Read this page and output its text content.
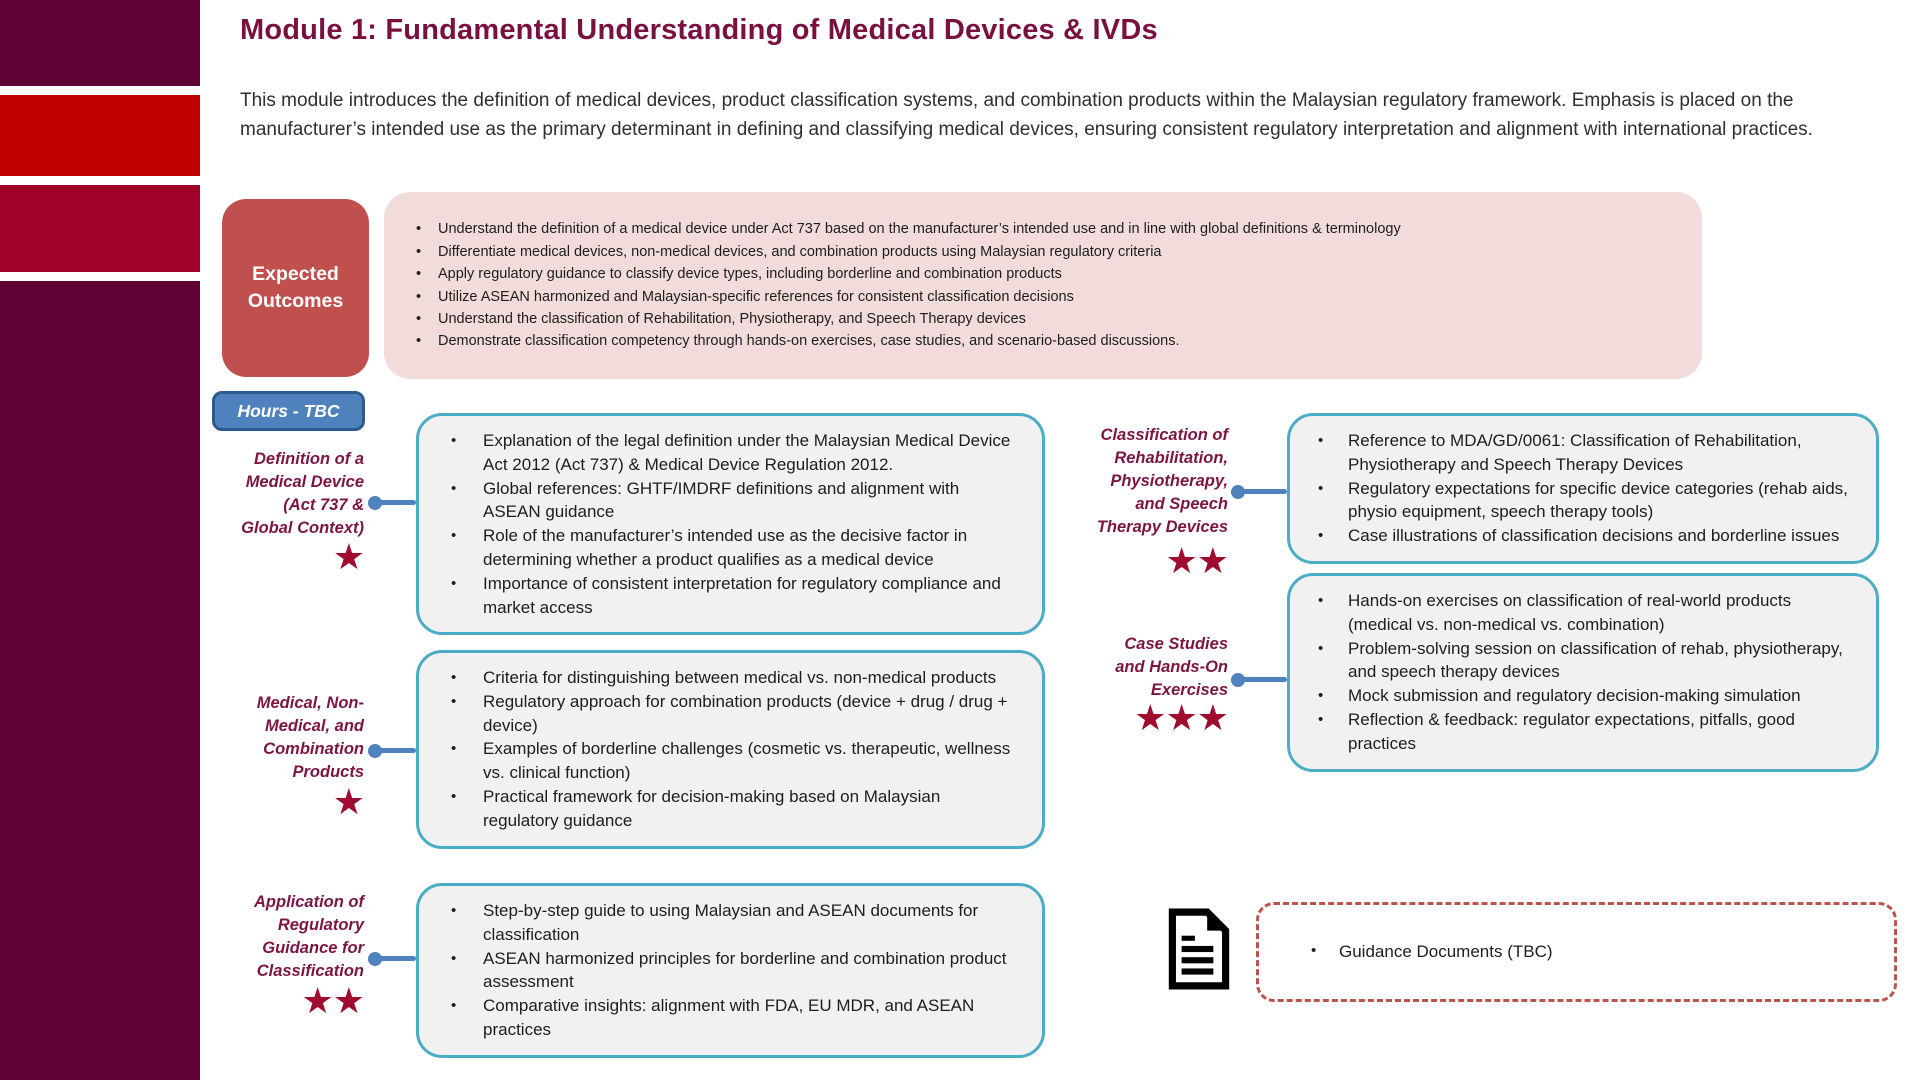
Module 1: Fundamental Understanding of Medical Devices & IVDs
This module introduces the definition of medical devices, product classification systems, and combination products within the Malaysian regulatory framework. Emphasis is placed on the manufacturer’s intended use as the primary determinant in defining and classifying medical devices, ensuring consistent regulatory interpretation and alignment with international practices.
Expected Outcomes
• Understand the definition of a medical device under Act 737 based on the manufacturer’s intended use and in line with global definitions & terminology
• Differentiate medical devices, non-medical devices, and combination products using Malaysian regulatory criteria
• Apply regulatory guidance to classify device types, including borderline and combination products
• Utilize ASEAN harmonized and Malaysian-specific references for consistent classification decisions
• Understand the classification of Rehabilitation, Physiotherapy, and Speech Therapy devices
• Demonstrate classification competency through hands-on exercises, case studies, and scenario-based discussions.
Hours - TBC
Definition of a Medical Device (Act 737 & Global Context)
★
• Explanation of the legal definition under the Malaysian Medical Device Act 2012 (Act 737) & Medical Device Regulation 2012.
• Global references: GHTF/IMDRF definitions and alignment with ASEAN guidance
• Role of the manufacturer’s intended use as the decisive factor in determining whether a product qualifies as a medical device
• Importance of consistent interpretation for regulatory compliance and market access
Medical, Non-Medical, and Combination Products
★
• Criteria for distinguishing between medical vs. non-medical products
• Regulatory approach for combination products (device + drug / drug + device)
• Examples of borderline challenges (cosmetic vs. therapeutic, wellness vs. clinical function)
• Practical framework for decision-making based on Malaysian regulatory guidance
Application of Regulatory Guidance for Classification
★★
• Step-by-step guide to using Malaysian and ASEAN documents for classification
• ASEAN harmonized principles for borderline and combination product assessment
• Comparative insights: alignment with FDA, EU MDR, and ASEAN practices
Classification of Rehabilitation, Physiotherapy, and Speech Therapy Devices
★★
• Reference to MDA/GD/0061: Classification of Rehabilitation, Physiotherapy and Speech Therapy Devices
• Regulatory expectations for specific device categories (rehab aids, physio equipment, speech therapy tools)
• Case illustrations of classification decisions and borderline issues
Case Studies and Hands-On Exercises
★★★
• Hands-on exercises on classification of real-world products (medical vs. non-medical vs. combination)
• Problem-solving session on classification of rehab, physiotherapy, and speech therapy devices
• Mock submission and regulatory decision-making simulation
• Reflection & feedback: regulator expectations, pitfalls, good practices
• Guidance Documents (TBC)
